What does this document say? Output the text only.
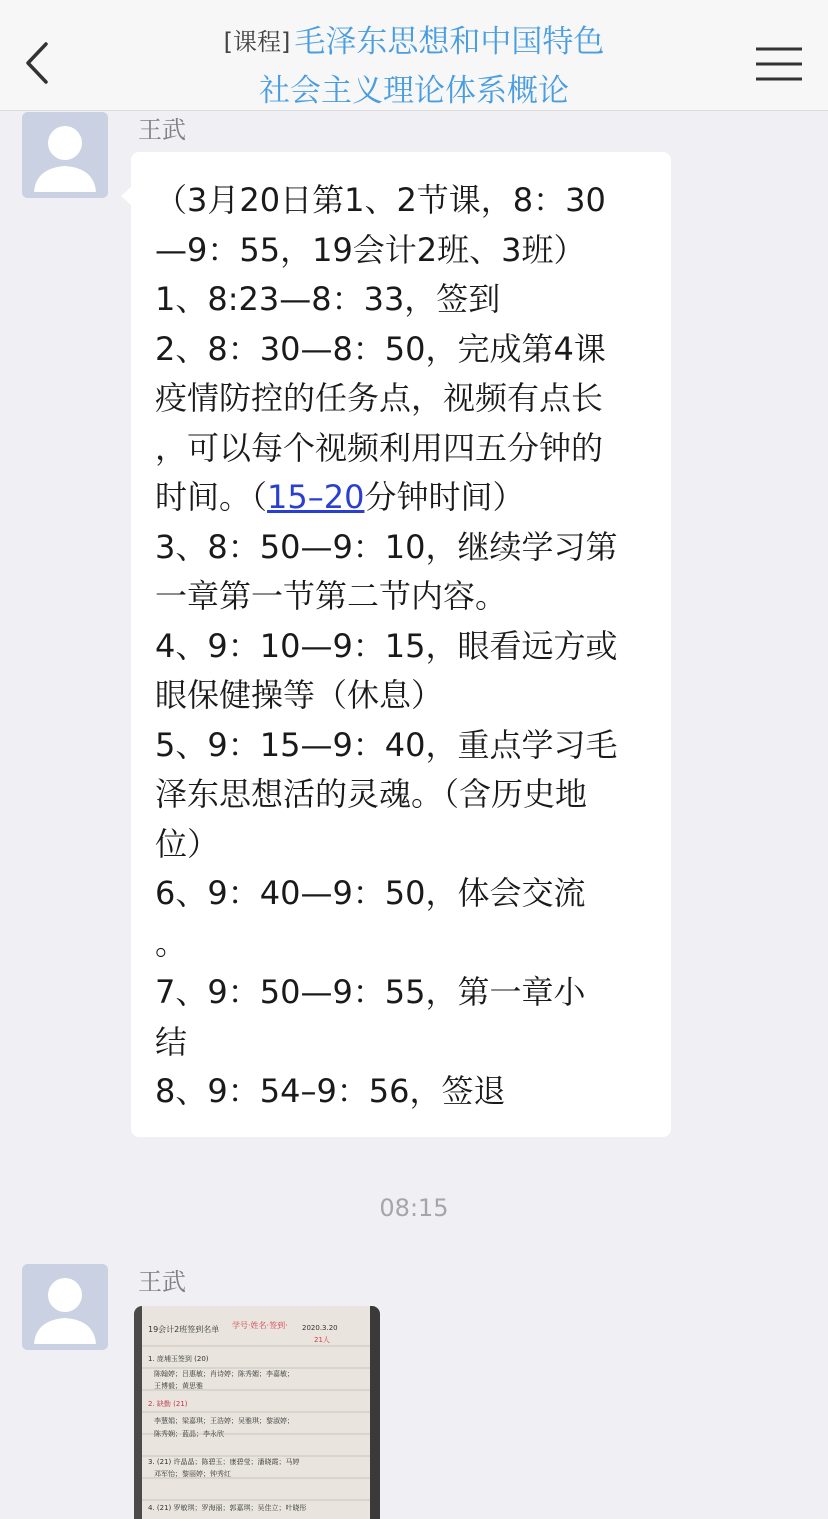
[课程] 毛泽东思想和中国特色
社会主义理论体系概论
王武
（3月20日第1、2节课，8：30
—9：55，19会计2班、3班）
1、8:23—8：33，签到
2、8：30—8：50，完成第4课
疫情防控的任务点，视频有点长
，可以每个视频利用四五分钟的
时间。（15–20分钟时间）
3、8：50—9：10，继续学习第
一章第一节第二节内容。
4、9：10—9：15，眼看远方或
眼保健操等（休息）
5、9：15—9：40，重点学习毛
泽东思想活的灵魂。（含历史地
位）
6、9：40—9：50，体会交流
。
7、9：50—9：55，第一章小
结
8、9：54–9：56，签退
08:15
王武
19会计2班签到名单 学号·姓名·签到· 2020.3.20
21人
1. 庞埔玉签到 (20)
陈翰婷；吕惠敏；肖诗婷；陈秀媚；李嘉敏；
王博毅；黄思雅
2. 缺勤 (21)
李慧娟；梁嘉琪；王浩婷；吴雅琪；黎淑婷；
陈秀娴；蓝晶；李永欣
3. (21) 许晶晶；陈碧玉；康碧莹；潘晓霞；马婷
邓军怡；黎丽婷；钟秀红
4. (21) 罗敏琪；罗海丽；郭嘉琪；吴佳立；叶晓彤
